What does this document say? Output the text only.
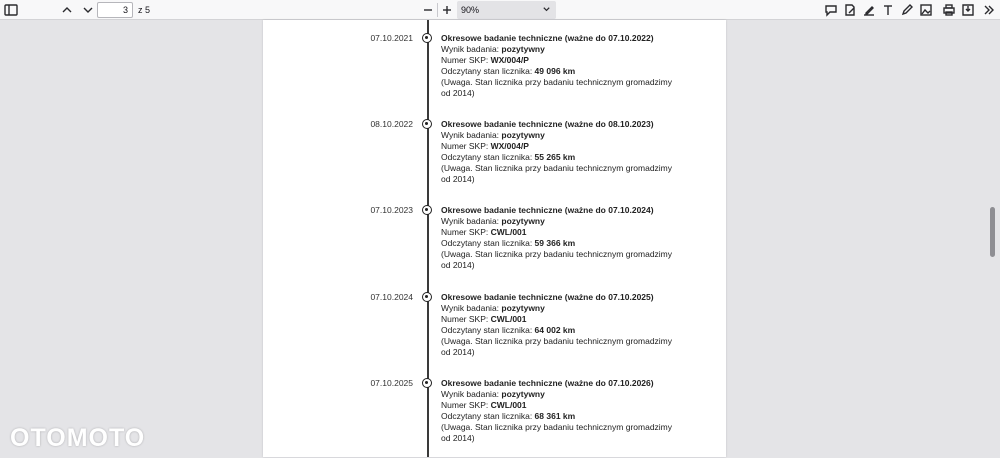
3
z 5	90%
07.10.2021	Okresowe badanie techniczne (ważne do 07.10.2022)
Wynik badania: pozytywny
Numer SKP: WX/004/P
Odczytany stan licznika: 49 096 km
(Uwaga. Stan licznika przy badaniu technicznym gromadzimy od 2014)
08.10.2022	Okresowe badanie techniczne (ważne do 08.10.2023)
Wynik badania: pozytywny
Numer SKP: WX/004/P
Odczytany stan licznika: 55 265 km
(Uwaga. Stan licznika przy badaniu technicznym gromadzimy od 2014)
07.10.2023	Okresowe badanie techniczne (ważne do 07.10.2024)
Wynik badania: pozytywny
Numer SKP: CWL/001
Odczytany stan licznika: 59 366 km
(Uwaga. Stan licznika przy badaniu technicznym gromadzimy od 2014)
07.10.2024	Okresowe badanie techniczne (ważne do 07.10.2025)
Wynik badania: pozytywny
Numer SKP: CWL/001
Odczytany stan licznika: 64 002 km
(Uwaga. Stan licznika przy badaniu technicznym gromadzimy od 2014)
07.10.2025	Okresowe badanie techniczne (ważne do 07.10.2026)
Wynik badania: pozytywny
Numer SKP: CWL/001
Odczytany stan licznika: 68 361 km
(Uwaga. Stan licznika przy badaniu technicznym gromadzimy od 2014)
OTOMOTO
